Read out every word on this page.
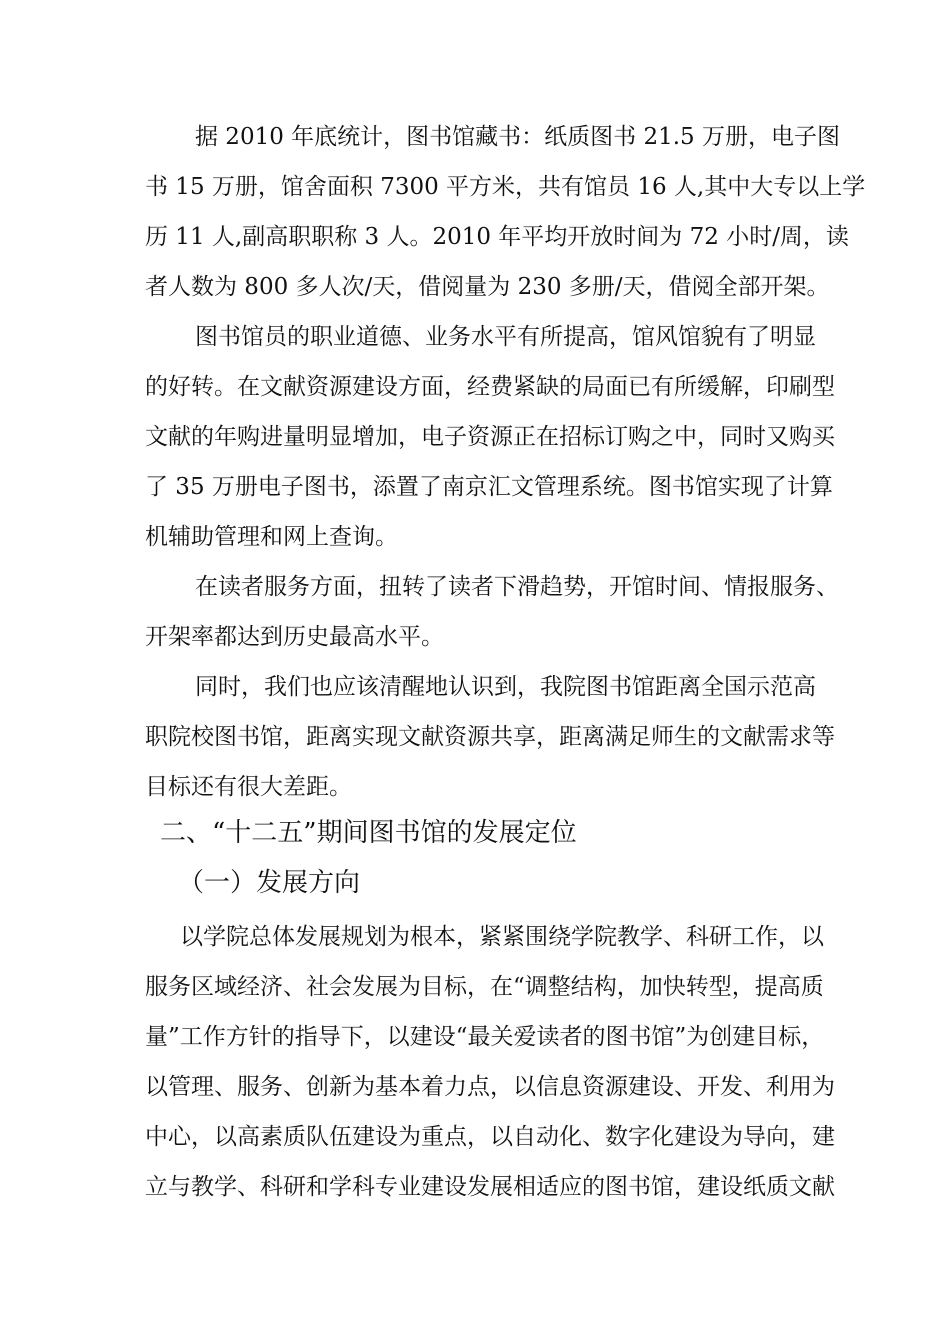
据 2010 年底统计，图书馆藏书：纸质图书 21.5 万册，电子图
书 15 万册，馆舍面积 7300 平方米，共有馆员 16 人,其中大专以上学
历 11 人,副高职职称 3 人。2010 年平均开放时间为 72 小时/周，读
者人数为 800 多人次/天，借阅量为 230 多册/天，借阅全部开架。
图书馆员的职业道德、业务水平有所提高，馆风馆貌有了明显
的好转。在文献资源建设方面，经费紧缺的局面已有所缓解，印刷型
文献的年购进量明显增加，电子资源正在招标订购之中，同时又购买
了 35 万册电子图书，添置了南京汇文管理系统。图书馆实现了计算
机辅助管理和网上查询。
在读者服务方面，扭转了读者下滑趋势，开馆时间、情报服务、
开架率都达到历史最高水平。
同时，我们也应该清醒地认识到，我院图书馆距离全国示范高
职院校图书馆，距离实现文献资源共享，距离满足师生的文献需求等
目标还有很大差距。
二、“十二五”期间图书馆的发展定位
（一）发展方向
以学院总体发展规划为根本，紧紧围绕学院教学、科研工作，以
服务区域经济、社会发展为目标，在“调整结构，加快转型，提高质
量”工作方针的指导下，以建设“最关爱读者的图书馆”为创建目标，
以管理、服务、创新为基本着力点，以信息资源建设、开发、利用为
中心，以高素质队伍建设为重点，以自动化、数字化建设为导向，建
立与教学、科研和学科专业建设发展相适应的图书馆，建设纸质文献
